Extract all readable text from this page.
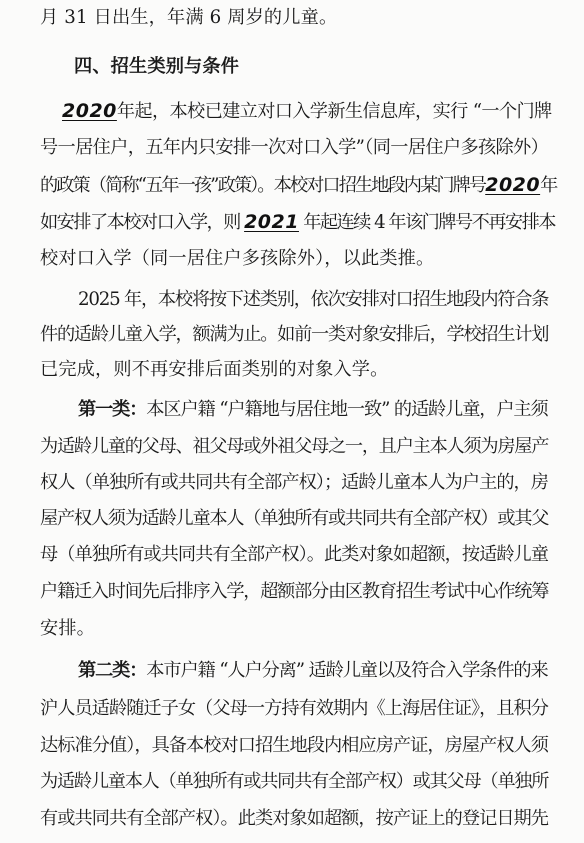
月 31 日出生，年满 6 周岁的儿童。
四、招生类别与条件
2020年起，本校已建立对口入学新生信息库，实行 “一个门牌
号一居住户，五年内只安排一次对口入学”（同一居住户多孩除外）
的政策（简称“五年一孩”政策）。本校对口招生地段内某门牌号2020年
如安排了本校对口入学，则 2021 年起连续 4 年该门牌号不再安排本
校对口入学（同一居住户多孩除外），以此类推。
2025 年，本校将按下述类别，依次安排对口招生地段内符合条
件的适龄儿童入学，额满为止。如前一类对象安排后，学校招生计划
已完成，则不再安排后面类别的对象入学。
第一类：本区户籍 “户籍地与居住地一致” 的适龄儿童，户主须
为适龄儿童的父母、祖父母或外祖父母之一，且户主本人须为房屋产
权人（单独所有或共同共有全部产权）；适龄儿童本人为户主的，房
屋产权人须为适龄儿童本人（单独所有或共同共有全部产权）或其父
母（单独所有或共同共有全部产权）。此类对象如超额，按适龄儿童
户籍迁入时间先后排序入学，超额部分由区教育招生考试中心作统筹
安排。
第二类：本市户籍 “人户分离” 适龄儿童以及符合入学条件的来
沪人员适龄随迁子女（父母一方持有效期内《上海居住证》，且积分
达标准分值），具备本校对口招生地段内相应房产证，房屋产权人须
为适龄儿童本人（单独所有或共同共有全部产权）或其父母（单独所
有或共同共有全部产权）。此类对象如超额，按产证上的登记日期先
